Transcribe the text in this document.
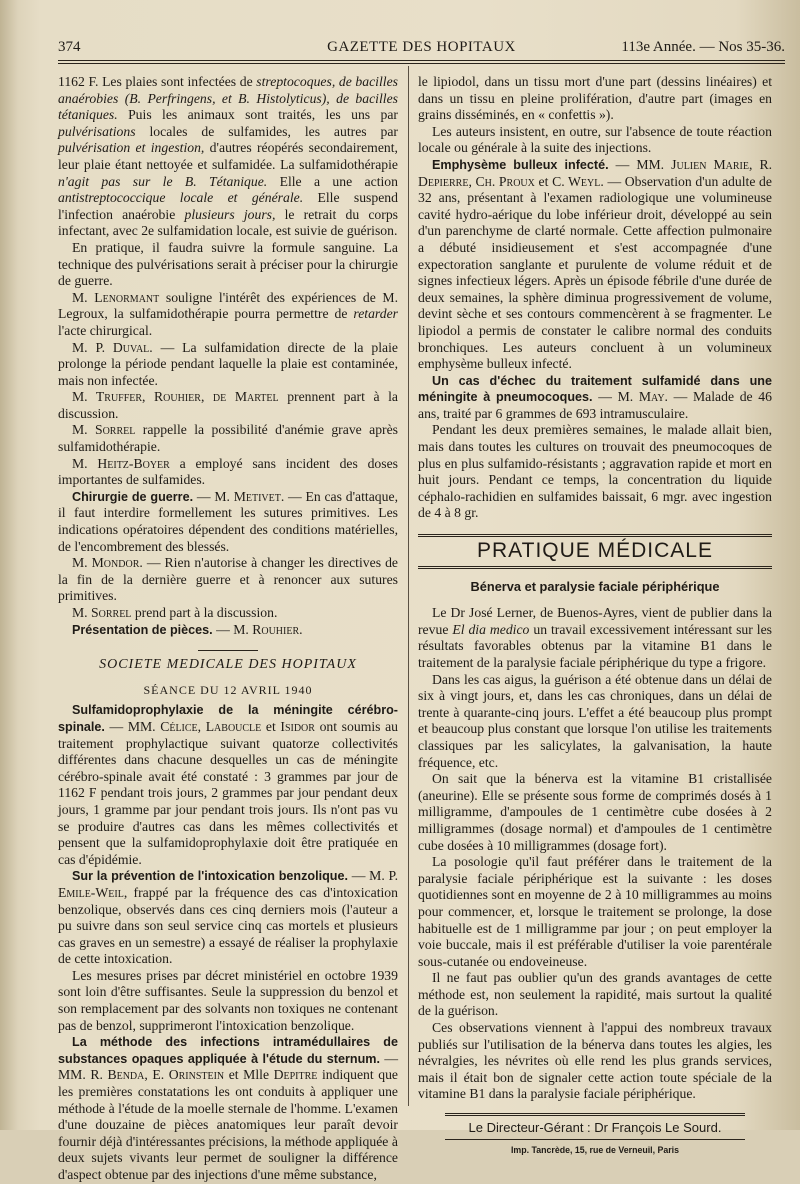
374	GAZETTE DES HOPITAUX	113e Année. — Nos 35-36.

1162 F. Les plaies sont infectées de streptocoques, de bacilles anaérobies (B. Perfringens, et B. Histolyticus), de bacilles tétaniques. Puis les animaux sont traités, les uns par pulvérisations locales de sulfamides, les autres par pulvérisation et ingestion, d'autres réopérés secondairement, leur plaie étant nettoyée et sulfamidée. La sulfamidothérapie n'agit pas sur le B. Tétanique. Elle a une action antistreptococcique locale et générale. Elle suspend l'infection anaérobie plusieurs jours, le retrait du corps infectant, avec 2e sulfamidation locale, est suivie de guérison.

En pratique, il faudra suivre la formule sanguine. La technique des pulvérisations serait à préciser pour la chirurgie de guerre.

M. Lenormant souligne l'intérêt des expériences de M. Legroux, la sulfamidothérapie pourra permettre de retarder l'acte chirurgical.

M. P. Duval. — La sulfamidation directe de la plaie prolonge la période pendant laquelle la plaie est contaminée, mais non infectée.

M. Truffer, Rouhier, de Martel prennent part à la discussion.

M. Sorrel rappelle la possibilité d'anémie grave après sulfamidothérapie.

M. Heitz-Boyer a employé sans incident des doses importantes de sulfamides.

Chirurgie de guerre. — M. Metivet. — En cas d'attaque, il faut interdire formellement les sutures primitives. Les indications opératoires dépendent des conditions matérielles, de l'encombrement des blessés.

M. Mondor. — Rien n'autorise à changer les directives de la fin de la dernière guerre et à renoncer aux sutures primitives.

M. Sorrel prend part à la discussion.

Présentation de pièces. — M. Rouhier.

SOCIETE MEDICALE DES HOPITAUX
SÉANCE DU 12 AVRIL 1940

Sulfamidoprophylaxie de la méningite cérébro-spinale. — MM. Célice, Laboucle et Isidor ont soumis au traitement prophylactique suivant quatorze collectivités différentes dans chacune desquelles un cas de méningite cérébro-spinale avait été constaté : 3 grammes par jour de 1162 F pendant trois jours, 2 grammes par jour pendant deux jours, 1 gramme par jour pendant trois jours. Ils n'ont pas vu se produire d'autres cas dans les mêmes collectivités et pensent que la sulfamidoprophylaxie doit être pratiquée en cas d'épidémie.

Sur la prévention de l'intoxication benzolique. — M. P. Emile-Weil, frappé par la fréquence des cas d'intoxication benzolique, observés dans ces cinq derniers mois (l'auteur a pu suivre dans son seul service cinq cas mortels et plusieurs cas graves en un semestre) a essayé de réaliser la prophylaxie de cette intoxication.

Les mesures prises par décret ministériel en octobre 1939 sont loin d'être suffisantes. Seule la suppression du benzol et son remplacement par des solvants non toxiques ne contenant pas de benzol, supprimeront l'intoxication benzolique.

La méthode des infections intramédullaires de substances opaques appliquée à l'étude du sternum. — MM. R. Benda, E. Orinstein et Mlle Depitre indiquent que les premières constatations les ont conduits à appliquer une méthode à l'étude de la moelle sternale de l'homme. L'examen d'une douzaine de pièces anatomiques leur paraît devoir fournir déjà d'intéressantes précisions, la méthode appliquée à deux sujets vivants leur permet de souligner la différence d'aspect obtenue par des injections d'une même substance,

le lipiodol, dans un tissu mort d'une part (dessins linéaires) et dans un tissu en pleine prolifération, d'autre part (images en grains disséminés, en « confettis »).

Les auteurs insistent, en outre, sur l'absence de toute réaction locale ou générale à la suite des injections.

Emphysème bulleux infecté. — MM. Julien Marie, R. Depierre, Ch. Proux et C. Weyl. — Observation d'un adulte de 32 ans, présentant à l'examen radiologique une volumineuse cavité hydro-aérique du lobe inférieur droit, développé au sein d'un parenchyme de clarté normale. Cette affection pulmonaire a débuté insidieusement et s'est accompagnée d'une expectoration sanglante et purulente de volume réduit et de signes infectieux légers. Après un épisode fébrile d'une durée de deux semaines, la sphère diminua progressivement de volume, devint sèche et ses contours commencèrent à se fragmenter. Le lipiodol a permis de constater le calibre normal des conduits bronchiques. Les auteurs concluent à un volumineux emphysème bulleux infecté.

Un cas d'échec du traitement sulfamidé dans une méningite à pneumocoques. — M. May. — Malade de 46 ans, traité par 6 grammes de 693 intramusculaire.

Pendant les deux premières semaines, le malade allait bien, mais dans toutes les cultures on trouvait des pneumocoques de plus en plus sulfamido-résistants ; aggravation rapide et mort en huit jours. Pendant ce temps, la concentration du liquide céphalo-rachidien en sulfamides baissait, 6 mgr. avec ingestion de 4 à 8 gr.

PRATIQUE MÉDICALE
Bénerva et paralysie faciale périphérique

Le Dr José Lerner, de Buenos-Ayres, vient de publier dans la revue El dia medico un travail excessivement intéressant sur les résultats favorables obtenus par la vitamine B1 dans le traitement de la paralysie faciale périphérique du type a frigore.

Dans les cas aigus, la guérison a été obtenue dans un délai de six à vingt jours, et, dans les cas chroniques, dans un délai de trente à quarante-cinq jours. L'effet a été beaucoup plus prompt et beaucoup plus constant que lorsque l'on utilise les traitements classiques par les salicylates, la galvanisation, la haute fréquence, etc.

On sait que la bénerva est la vitamine B1 cristallisée (aneurine). Elle se présente sous forme de comprimés dosés à 1 milligramme, d'ampoules de 1 centimètre cube dosées à 2 milligrammes (dosage normal) et d'ampoules de 1 centimètre cube dosées à 10 milligrammes (dosage fort).

La posologie qu'il faut préférer dans le traitement de la paralysie faciale périphérique est la suivante : les doses quotidiennes sont en moyenne de 2 à 10 milligrammes au moins pour commencer, et, lorsque le traitement se prolonge, la dose habituelle est de 1 milligramme par jour ; on peut employer la voie buccale, mais il est préférable d'utiliser la voie parentérale sous-cutanée ou endoveineuse.

Il ne faut pas oublier qu'un des grands avantages de cette méthode est, non seulement la rapidité, mais surtout la qualité de la guérison.

Ces observations viennent à l'appui des nombreux travaux publiés sur l'utilisation de la bénerva dans toutes les algies, les névralgies, les névrites où elle rend les plus grands services, mais il était bon de signaler cette action toute spéciale de la vitamine B1 dans la paralysie faciale périphérique.

Le Directeur-Gérant : Dr François Le Sourd.
Imp. Tancrède, 15, rue de Verneuil, Paris
